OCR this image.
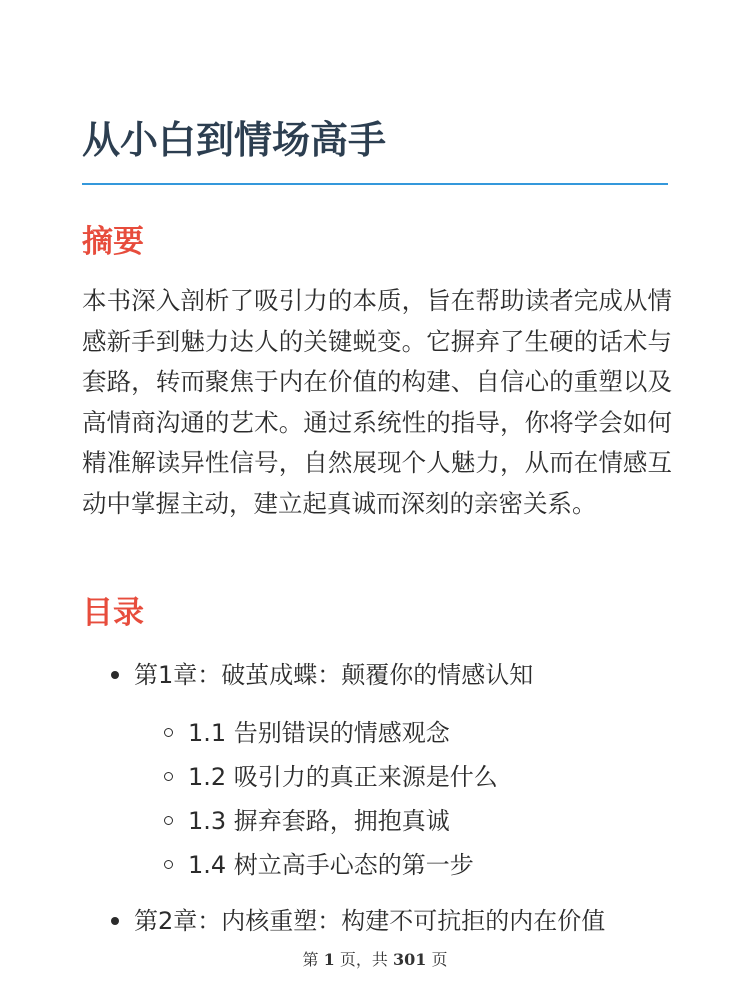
从小白到情场高手
摘要

本书深入剖析了吸引力的本质，旨在帮助读者完成从情感新手到魅力达人的关键蜕变。它摒弃了生硬的话术与套路，转而聚焦于内在价值的构建、自信心的重塑以及高情商沟通的艺术。通过系统性的指导，你将学会如何精准解读异性信号，自然展现个人魅力，从而在情感互动中掌握主动，建立起真诚而深刻的亲密关系。

目录
第1章：破茧成蝶：颠覆你的情感认知
1.1 告别错误的情感观念
1.2 吸引力的真正来源是什么
1.3 摒弃套路，拥抱真诚
1.4 树立高手心态的第一步
第2章：内核重塑：构建不可抗拒的内在价值
第 1 页，共 301 页
